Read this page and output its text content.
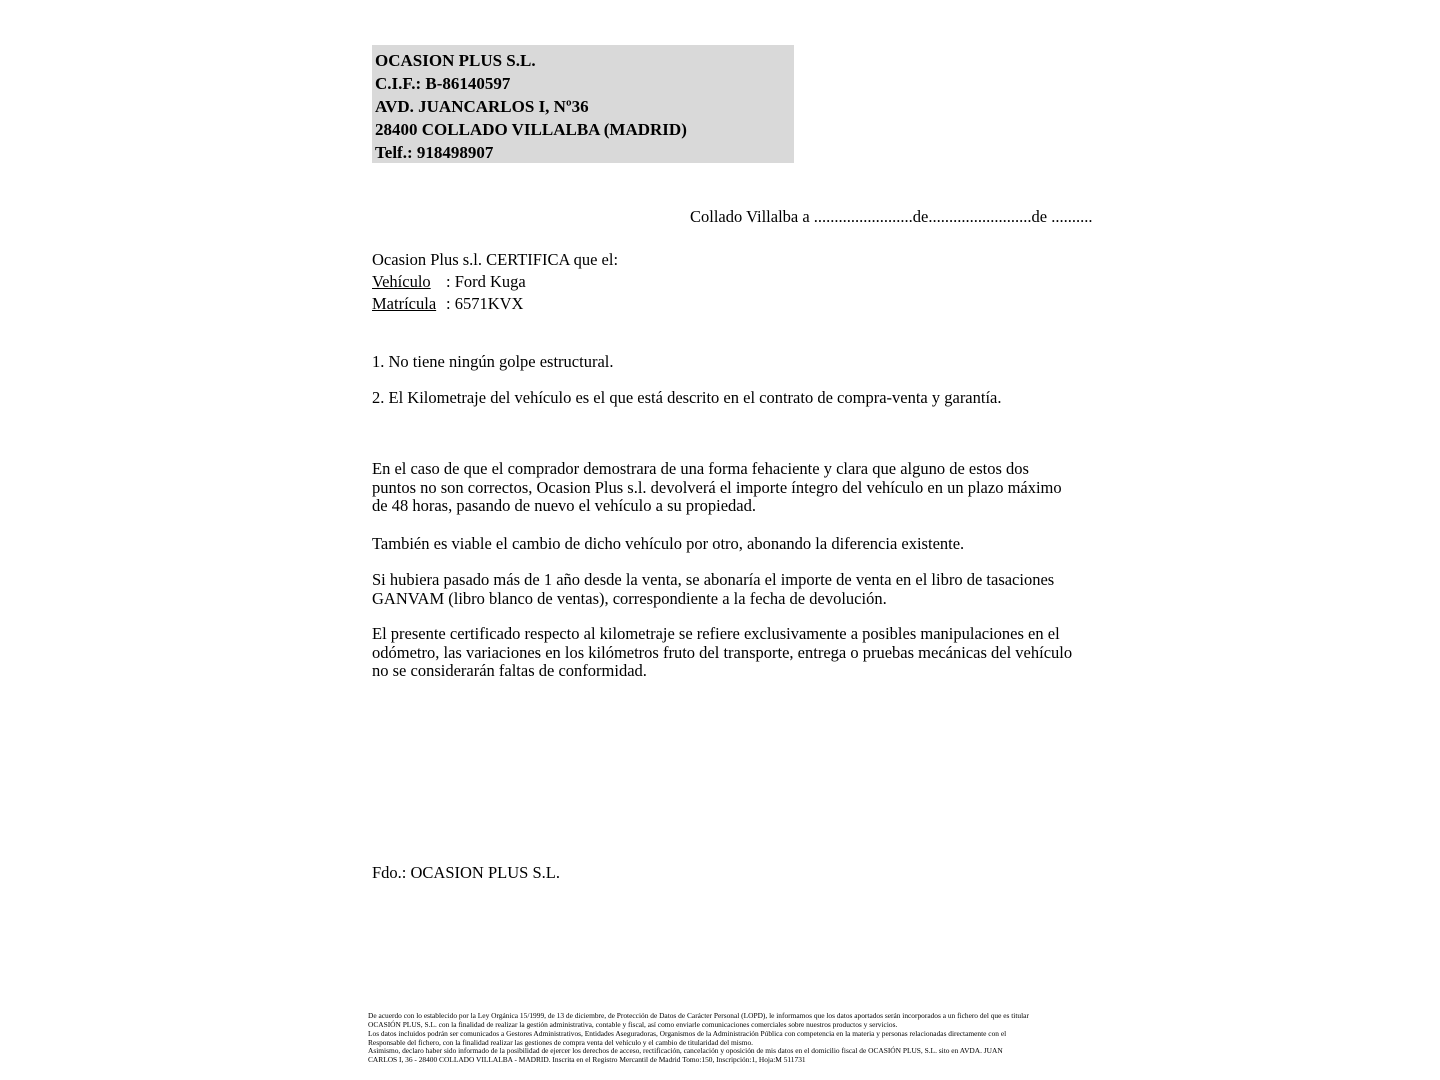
OCASION PLUS S.L.
C.I.F.: B-86140597
AVD. JUANCARLOS I, Nº36
28400 COLLADO VILLALBA (MADRID)
Telf.: 918498907
Collado Villalba a ........................de.........................de ..........
Ocasion Plus s.l. CERTIFICA que el:
Vehículo : Ford Kuga
Matrícula : 6571KVX
1. No tiene ningún golpe estructural.
2. El Kilometraje del vehículo es el que está descrito en el contrato de compra-venta y garantía.
En el caso de que el comprador demostrara de una forma fehaciente y clara que alguno de estos dos puntos no son correctos, Ocasion Plus s.l. devolverá el importe íntegro del vehículo en un plazo máximo de 48 horas, pasando de nuevo el vehículo a su propiedad.
También es viable el cambio de dicho vehículo por otro, abonando la diferencia existente.
Si hubiera pasado más de 1 año desde la venta, se abonaría el importe de venta en el libro de tasaciones GANVAM (libro blanco de ventas), correspondiente a la fecha de devolución.
El presente certificado respecto al kilometraje se refiere exclusivamente a posibles manipulaciones en el odómetro, las variaciones en los kilómetros fruto del transporte, entrega o pruebas mecánicas del vehículo no se considerarán faltas de conformidad.
Fdo.: OCASION PLUS S.L.
De acuerdo con lo establecido por la Ley Orgánica 15/1999, de 13 de diciembre, de Protección de Datos de Carácter Personal (LOPD), le informamos que los datos aportados serán incorporados a un fichero del que es titular
OCASIÓN PLUS, S.L. con la finalidad de realizar la gestión administrativa, contable y fiscal, así como enviarle comunicaciones comerciales sobre nuestros productos y servicios.
Los datos incluidos podrán ser comunicados a Gestores Administrativos, Entidades Aseguradoras, Organismos de la Administración Pública con competencia en la materia y personas relacionadas directamente con el
Responsable del fichero, con la finalidad realizar las gestiones de compra venta del vehículo y el cambio de titularidad del mismo.
Asimismo, declaro haber sido informado de la posibilidad de ejercer los derechos de acceso, rectificación, cancelación y oposición de mis datos en el domicilio fiscal de OCASIÓN PLUS, S.L. sito en AVDA. JUAN
CARLOS I, 36 - 28400 COLLADO VILLALBA - MADRID. Inscrita en el Registro Mercantil de Madrid Tomo:150, Inscripción:1, Hoja:M 511731
